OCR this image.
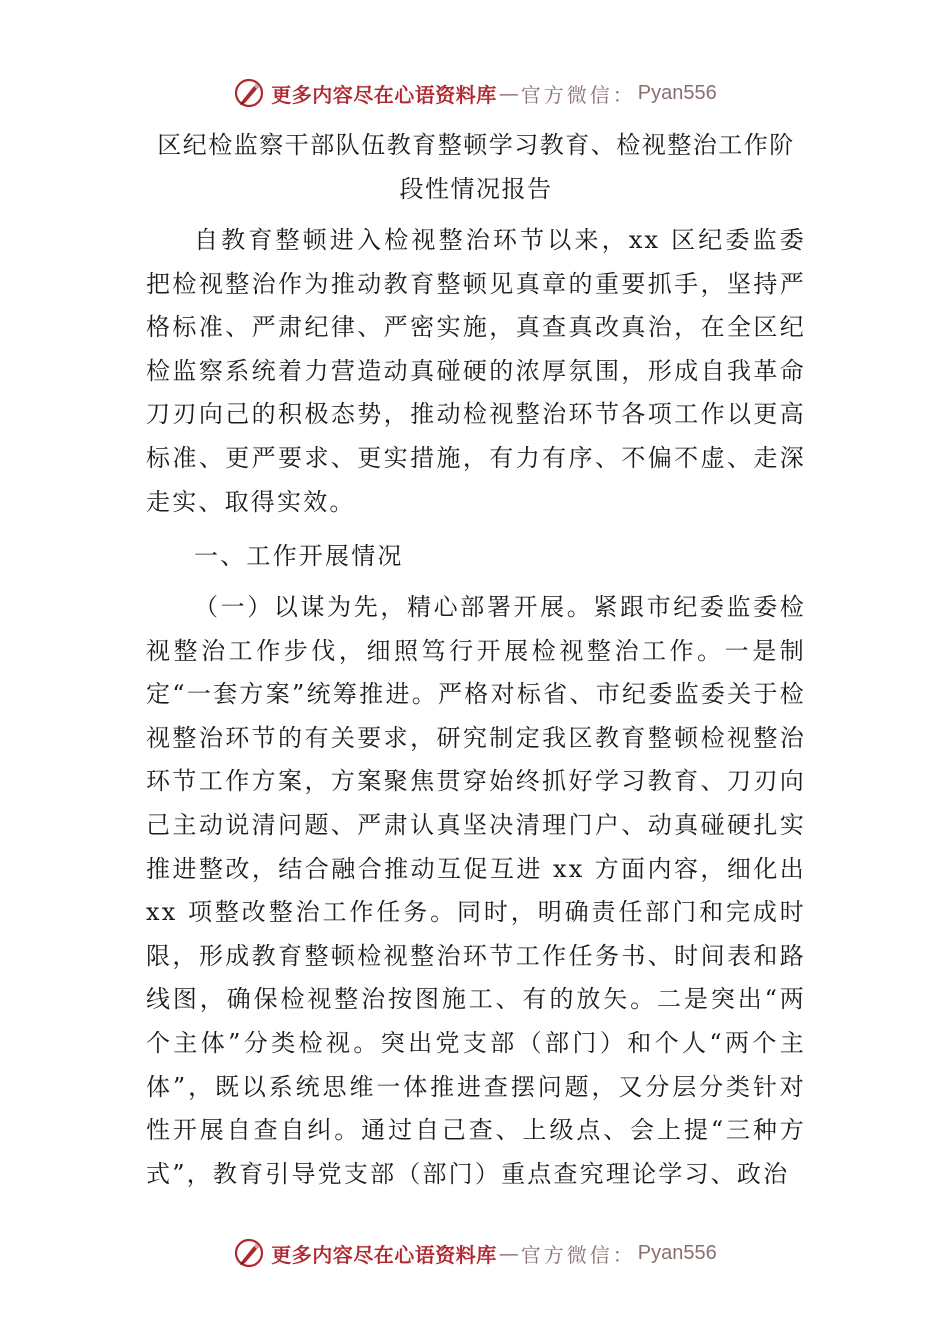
更多内容尽在心语资料库 — 官方微信： Pyan556
区纪检监察干部队伍教育整顿学习教育、检视整治工作阶
段性情况报告
自教育整顿进入检视整治环节以来，xx 区纪委监委把检视整治作为推动教育整顿见真章的重要抓手，坚持严格标准、严肃纪律、严密实施，真查真改真治，在全区纪检监察系统着力营造动真碰硬的浓厚氛围，形成自我革命刀刃向己的积极态势，推动检视整治环节各项工作以更高标准、更严要求、更实措施，有力有序、不偏不虚、走深走实、取得实效。
一、工作开展情况
（一）以谋为先，精心部署开展。紧跟市纪委监委检视整治工作步伐，细照笃行开展检视整治工作。一是制定“一套方案”统筹推进。严格对标省、市纪委监委关于检视整治环节的有关要求，研究制定我区教育整顿检视整治环节工作方案，方案聚焦贯穿始终抓好学习教育、刀刃向己主动说清问题、严肃认真坚决清理门户、动真碰硬扎实推进整改，结合融合推动互促互进 xx 方面内容，细化出 xx 项整改整治工作任务。同时，明确责任部门和完成时限，形成教育整顿检视整治环节工作任务书、时间表和路线图，确保检视整治按图施工、有的放矢。二是突出“两个主体”分类检视。突出党支部（部门）和个人“两个主体”，既以系统思维一体推进查摆问题，又分层分类针对性开展自查自纠。通过自己查、上级点、会上提“三种方式”，教育引导党支部（部门）重点查究理论学习、政治
更多内容尽在心语资料库 — 官方微信： Pyan556
